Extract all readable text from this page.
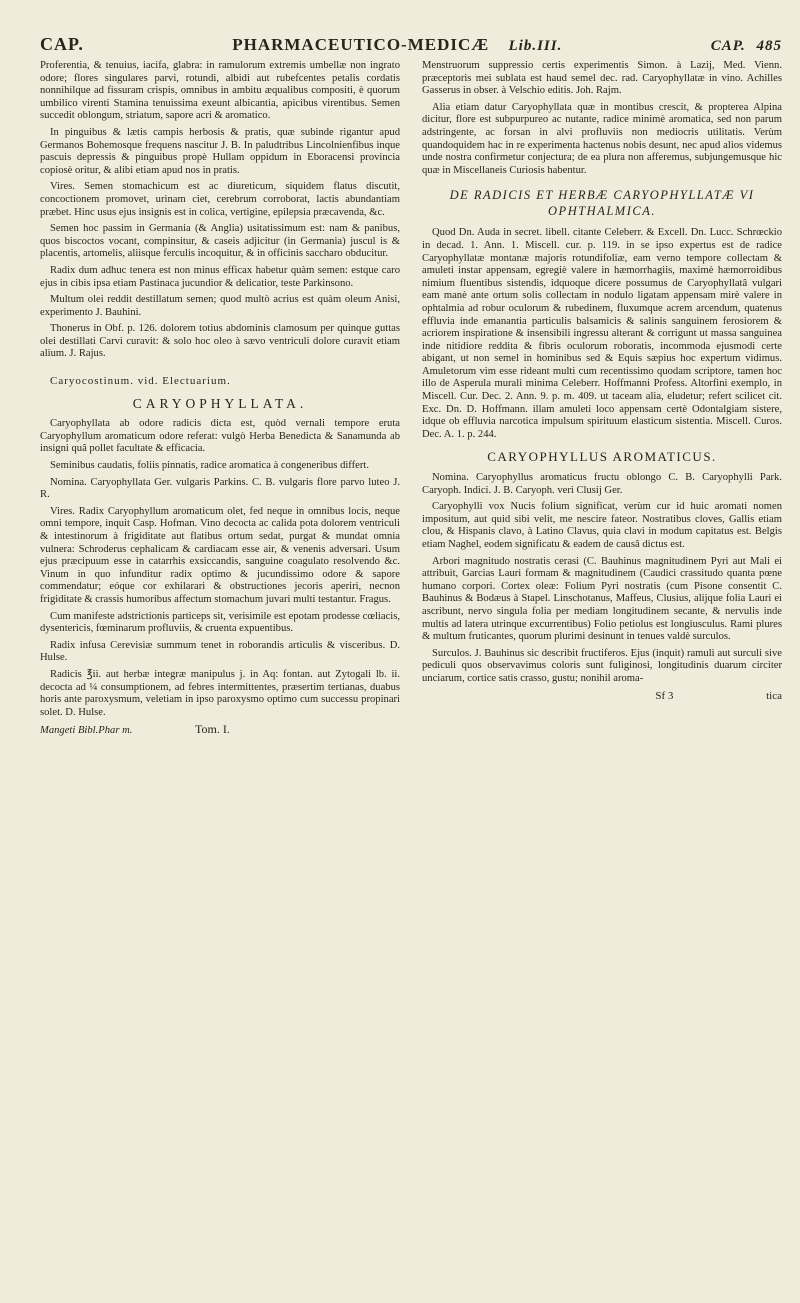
CAP.	PHARMACEUTICO-MEDICÆ Lib.III.	CAP. 485

Proferentia, & tenuius, iacifa, glabra: in ramulorum extremis umbellæ non ingrato odore; flores singulares parvi, rotundi, albidi aut rubefcentes petalis cordatis nonnihilque ad fissuram crispis, omnibus in ambitu æqualibus compositi, è quorum umbilico virenti Stamina tenuissima exeunt albicantia, apicibus virentibus. Semen succedit oblongum, striatum, sapore acri & aromatico.

In pinguibus & lætis campis herbosis & pratis, quæ subinde rigantur apud Germanos Bohemosque frequens nascitur J. B. In paludtribus Lincolnienfibus inque pascuis depressis & pinguibus propè Hullam oppidum in Eboracensi provincia copiosè oritur, & alibi etiam apud nos in pratis.

Vires. Semen stomachicum est ac diureticum, siquidem flatus discutit, concoctionem promovet, urinam ciet, cerebrum corroborat, lactis abundantiam præbet. Hinc usus ejus insignis est in colica, vertigine, epilepsia præcavenda, &c.

Semen hoc passim in Germania (& Anglia) usitatissimum est: nam & panibus, quos biscoctos vocant, compinsitur, & caseis adjicitur (in Germania) juscul is & placentis, artomelis, aliisque ferculis incoquitur, & in officinis saccharo obducitur.

Radix dum adhuc tenera est non minus efficax habetur quàm semen: estque caro ejus in cibis ipsa etiam Pastinaca jucundior & delicatior, teste Parkinsono.

Multum olei reddit destillatum semen; quod multò acrius est quàm oleum Anisi, experimento J. Bauhini.

Thonerus in Obf. p. 126. dolorem totius abdominis clamosum per quinque guttas olei destillati Carvi curavit: & solo hoc oleo à sævo ventriculi dolore curavit etiam alium. J. Rajus.

Caryocostinum. vid. Electuarium.
CARYOPHYLLATA.

Caryophyllata ab odore radicis dicta est, quòd vernali tempore eruta Caryophyllum aromaticum odore referat: vulgò Herba Benedicta & Sanamunda ab insigni quâ pollet facultate & efficacia.

Seminibus caudatis, foliis pinnatis, radice aromatica à congeneribus differt.

Nomina. Caryophyllata Ger. vulgaris Parkins. C. B. vulgaris flore parvo luteo J. R.

Vires. Radix Caryophyllum aromaticum olet, fed neque in omnibus locis, neque omni tempore, inquit Casp. Hofman. Vino decocta ac calida pota dolorem ventriculi & intestinorum à frigiditate aut flatibus ortum sedat, purgat & mundat omnia vulnera: Schroderus cephalicam & cardiacam esse air, & venenis adversari. Usum ejus præcipuum esse in catarrhis exsiccandis, sanguine coagulato resolvendo &c. Vinum in quo infunditur radix optimo & jucundissimo odore & sapore commendatur; eóque cor exhilarari & obstructiones jecoris aperiri, necnon frigiditate & crassis humoribus affectum stomachum juvari multi testantur. Fragus.

Cum manifeste adstrictionis particeps sit, verisimile est epotam prodesse cœliacis, dysentericis, fœminarum profluviis, & cruenta expuentibus.

Radix infusa Cerevisiæ summum tenet in roborandis articulis & visceribus. D. Hulse.

Radicis ℥ii. aut herbæ integræ manipulus j. in Aq: fontan. aut Zytogali lb. ii. decocta ad ¼ consumptionem, ad febres intermittentes, præsertim tertianas, duabus horis ante paroxysmum, veletiam in ipso paroxysmo optimo cum successu propinari solet. D. Hulse.

Mangeti Bibl.Phar m.	Tom. I.

Menstruorum suppressio certis experimentis Simon. à Lazij, Med. Vienn. præceptoris mei sublata est haud semel dec. rad. Caryophyllatæ in vino. Achilles Gasserus in obser. à Velschio editis. Joh. Rajm.

Alia etiam datur Caryophyllata quæ in montibus crescit, & propterea Alpina dicitur, flore est subpurpureo ac nutante, radice minimè aromatica, sed non parum adstringente, ac forsan in alvi profluviis non mediocris utilitatis. Verùm quandoquidem hac in re experimenta hactenus nobis desunt, nec apud alios videmus unde nostra confirmetur conjectura; de ea plura non afferemus, subjungemusque hic quæ in Miscellaneis Curiosis habentur.

DE RADICIS ET HERBÆ CARYOPHYLLATÆ VI OPHTHALMICA.

Quod Dn. Auda in secret. libell. citante Celeberr. & Excell. Dn. Lucc. Schrœckio in decad. 1. Ann. 1. Miscell. cur. p. 119. in se ipso expertus est de radice Caryophyllatæ montanæ majoris rotundifoliæ, eam verno tempore collectam & amuleti instar appensam, egregiè valere in hæmorrhagiis, maximè hæmorroidibus nimium fluentibus sistendis, idquoque dicere possumus de Caryophyllatâ vulgari eam manè ante ortum solis collectam in nodulo ligatam appensam mirè valere in ophtalmia ad robur oculorum & rubedinem, fluxumque acrem arcendum, quatenus effluvia inde emanantia particulis balsamicis & salinis sanguinem ferosiorem & acriorem inspiratione & insensibili ingressu alterant & corrigunt ut massa sanguinea inde nitidiore reddita & fibris oculorum roboratis, incommoda ejusmodi certe abigant, ut non semel in hominibus sed & Equis sæpius hoc expertum vidimus. Amuletorum vim esse rideant multi cum recentissimo quodam scriptore, tamen hoc illo de Asperula murali minima Celeberr. Hoffmanni Profess. Altorfini exemplo, in Miscell. Cur. Dec. 2. Ann. 9. p. m. 409. ut taceam alia, eludetur; refert scilicet cit. Exc. Dn. D. Hoffmann. illam amuleti loco appensam certè Odontalgiam sistere, idque ob effluvia narcotica impulsum spirituum elasticum sistentia. Miscell. Curos. Dec. A. 1. p. 244.

CARYOPHYLLUS AROMATICUS.

Nomina. Caryophyllus aromaticus fructu oblongo C. B. Caryophylli Park. Caryoph. Indici. J. B. Caryoph. veri Clusij Ger.

Caryophylli vox Nucis folium significat, verùm cur id huic aromati nomen impositum, aut quid sibi velit, me nescire fateor. Nostratibus cloves, Gallis etiam clou, & Hispanis clavo, à Latino Clavus, quia clavi in modum capitatus est. Belgis etiam Naghel, eodem significatu & eadem de causâ dictus est.

Arbori magnitudo nostratis cerasi (C. Bauhinus magnitudinem Pyri aut Mali ei attribuit, Garcias Lauri formam & magnitudinem (Caudici crassitudo quanta pœne humano corpori. Cortex oleæ: Folium Pyri nostratis (cum Pisone consentit C. Bauhinus & Bodæus à Stapel. Linschotanus, Maffeus, Clusius, alijque folia Lauri ei ascribunt, nervo singula folia per mediam longitudinem secante, & nervulis inde multis ad latera utrinque excurrentibus) Folio petiolus est longiusculus. Rami plures & multum fruticantes, quorum plurimi desinunt in tenues valdè surculos.

Surculos. J. Bauhinus sic describit fructiferos. Ejus (inquit) ramuli aut surculi sive pediculi quos observavimus coloris sunt fuliginosi, longitudinis duarum circiter unciarum, cortice satis crasso, gustu; nonihil aroma-

Sf 3	tica
